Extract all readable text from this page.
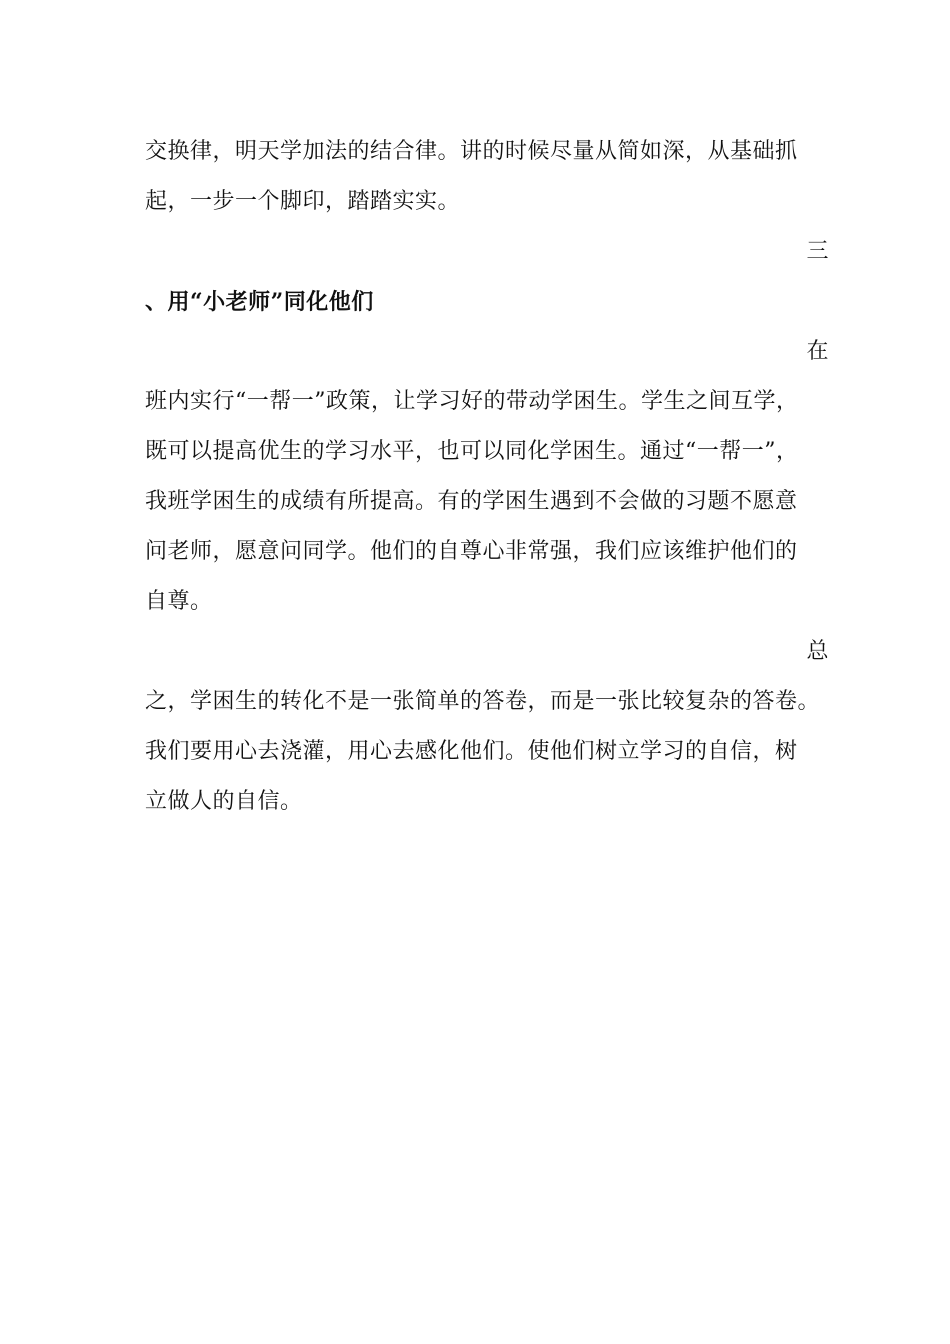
交换律，明天学加法的结合律。讲的时候尽量从简如深，从基础抓
起，一步一个脚印，踏踏实实。
三
、用“小老师”同化他们
在
班内实行“一帮一”政策，让学习好的带动学困生。学生之间互学，
既可以提高优生的学习水平，也可以同化学困生。通过“一帮一”，
我班学困生的成绩有所提高。有的学困生遇到不会做的习题不愿意
问老师，愿意问同学。他们的自尊心非常强，我们应该维护他们的
自尊。
总
之，学困生的转化不是一张简单的答卷，而是一张比较复杂的答卷。
我们要用心去浇灌，用心去感化他们。使他们树立学习的自信，树
立做人的自信。
